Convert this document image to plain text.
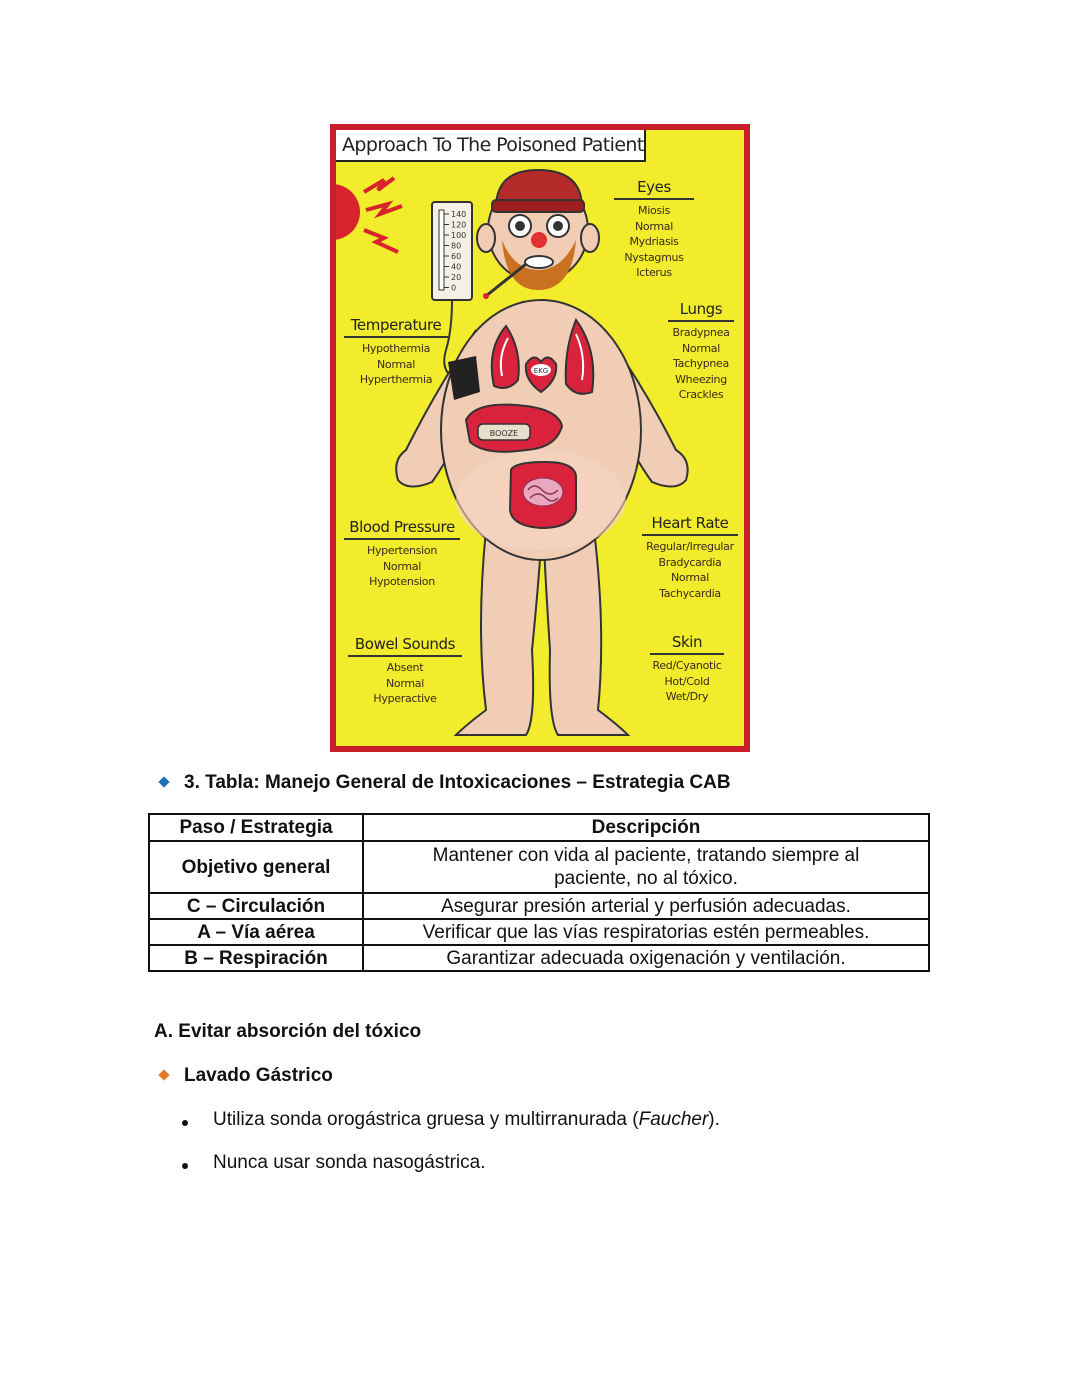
140
120
100
80
60
40
20
0
EKG
BOOZE
Approach To The Poisoned Patient
Eyes
Miosis
Normal
Mydriasis
Nystagmus
Icterus
Lungs
Bradypnea
Normal
Tachypnea
Wheezing
Crackles
Temperature
Hypothermia
Normal
Hyperthermia
Blood Pressure
Hypertension
Normal
Hypotension
Heart Rate
Regular/Irregular
Bradycardia
Normal
Tachycardia
Bowel Sounds
Absent
Normal
Hyperactive
Skin
Red/Cyanotic
Hot/Cold
Wet/Dry
3. Tabla: Manejo General de Intoxicaciones – Estrategia CAB
Paso / Estrategia	Descripción
Objetivo general	Mantener con vida al paciente, tratando siempre al paciente, no al tóxico.
C – Circulación	Asegurar presión arterial y perfusión adecuadas.
A – Vía aérea	Verificar que las vías respiratorias estén permeables.
B – Respiración	Garantizar adecuada oxigenación y ventilación.
A. Evitar absorción del tóxico
Lavado Gástrico
Utiliza sonda orogástrica gruesa y multirranurada (Faucher).
Nunca usar sonda nasogástrica.
